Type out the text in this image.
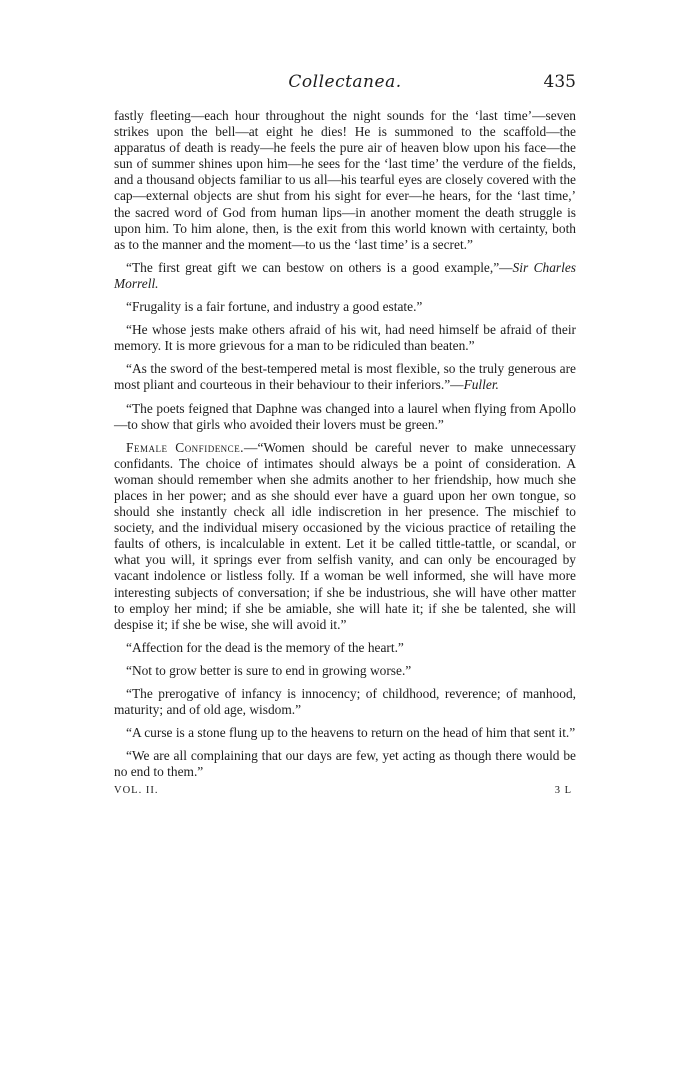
Collectanea.	435

fastly fleeting—each hour throughout the night sounds for the ‘last time’—seven strikes upon the bell—at eight he dies! He is summoned to the scaffold—the apparatus of death is ready—he feels the pure air of heaven blow upon his face—the sun of summer shines upon him—he sees for the ‘last time’ the verdure of the fields, and a thousand objects familiar to us all—his tearful eyes are closely covered with the cap—external objects are shut from his sight for ever—he hears, for the ‘last time,’ the sacred word of God from human lips—in another moment the death struggle is upon him. To him alone, then, is the exit from this world known with certainty, both as to the manner and the moment—to us the ‘last time’ is a secret.”

“The first great gift we can bestow on others is a good example,”—Sir Charles Morrell.

“Frugality is a fair fortune, and industry a good estate.”

“He whose jests make others afraid of his wit, had need himself be afraid of their memory. It is more grievous for a man to be ridiculed than beaten.”

“As the sword of the best-tempered metal is most flexible, so the truly generous are most pliant and courteous in their behaviour to their inferiors.”—Fuller.

“The poets feigned that Daphne was changed into a laurel when flying from Apollo—to show that girls who avoided their lovers must be green.”

Female Confidence.—“Women should be careful never to make unnecessary confidants. The choice of intimates should always be a point of consideration. A woman should remember when she admits another to her friendship, how much she places in her power; and as she should ever have a guard upon her own tongue, so should she instantly check all idle indiscretion in her presence. The mischief to society, and the individual misery occasioned by the vicious practice of retailing the faults of others, is incalculable in extent. Let it be called tittle-tattle, or scandal, or what you will, it springs ever from selfish vanity, and can only be encouraged by vacant indolence or listless folly. If a woman be well informed, she will have more interesting subjects of conversation; if she be industrious, she will have other matter to employ her mind; if she be amiable, she will hate it; if she be talented, she will despise it; if she be wise, she will avoid it.”

“Affection for the dead is the memory of the heart.”

“Not to grow better is sure to end in growing worse.”

“The prerogative of infancy is innocency; of childhood, reverence; of manhood, maturity; and of old age, wisdom.”

“A curse is a stone flung up to the heavens to return on the head of him that sent it.”

“We are all complaining that our days are few, yet acting as though there would be no end to them.”

VOL. II.	3 L
